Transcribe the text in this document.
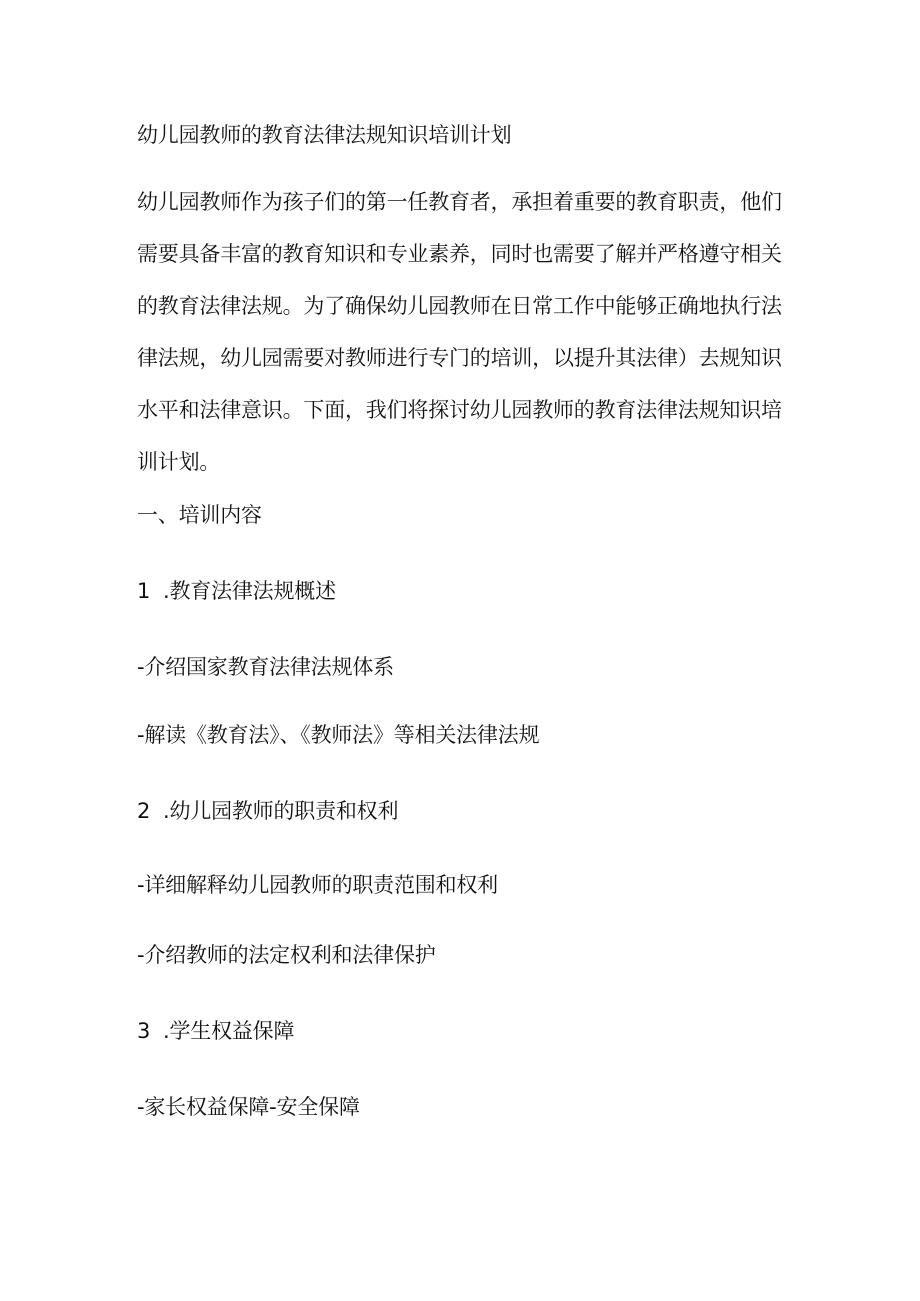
幼儿园教师的教育法律法规知识培训计划

幼儿园教师作为孩子们的第一任教育者，承担着重要的教育职责，他们
需要具备丰富的教育知识和专业素养，同时也需要了解并严格遵守相关
的教育法律法规。为了确保幼儿园教师在日常工作中能够正确地执行法
律法规，幼儿园需要对教师进行专门的培训，以提升其法律）去规知识
水平和法律意识。下面，我们将探讨幼儿园教师的教育法律法规知识培
训计划。

一、培训内容

1 .教育法律法规概述

-介绍国家教育法律法规体系

-解读《教育法》、《教师法》等相关法律法规

2 .幼儿园教师的职责和权利

-详细解释幼儿园教师的职责范围和权利

-介绍教师的法定权利和法律保护

3 .学生权益保障

-家长权益保障-安全保障
